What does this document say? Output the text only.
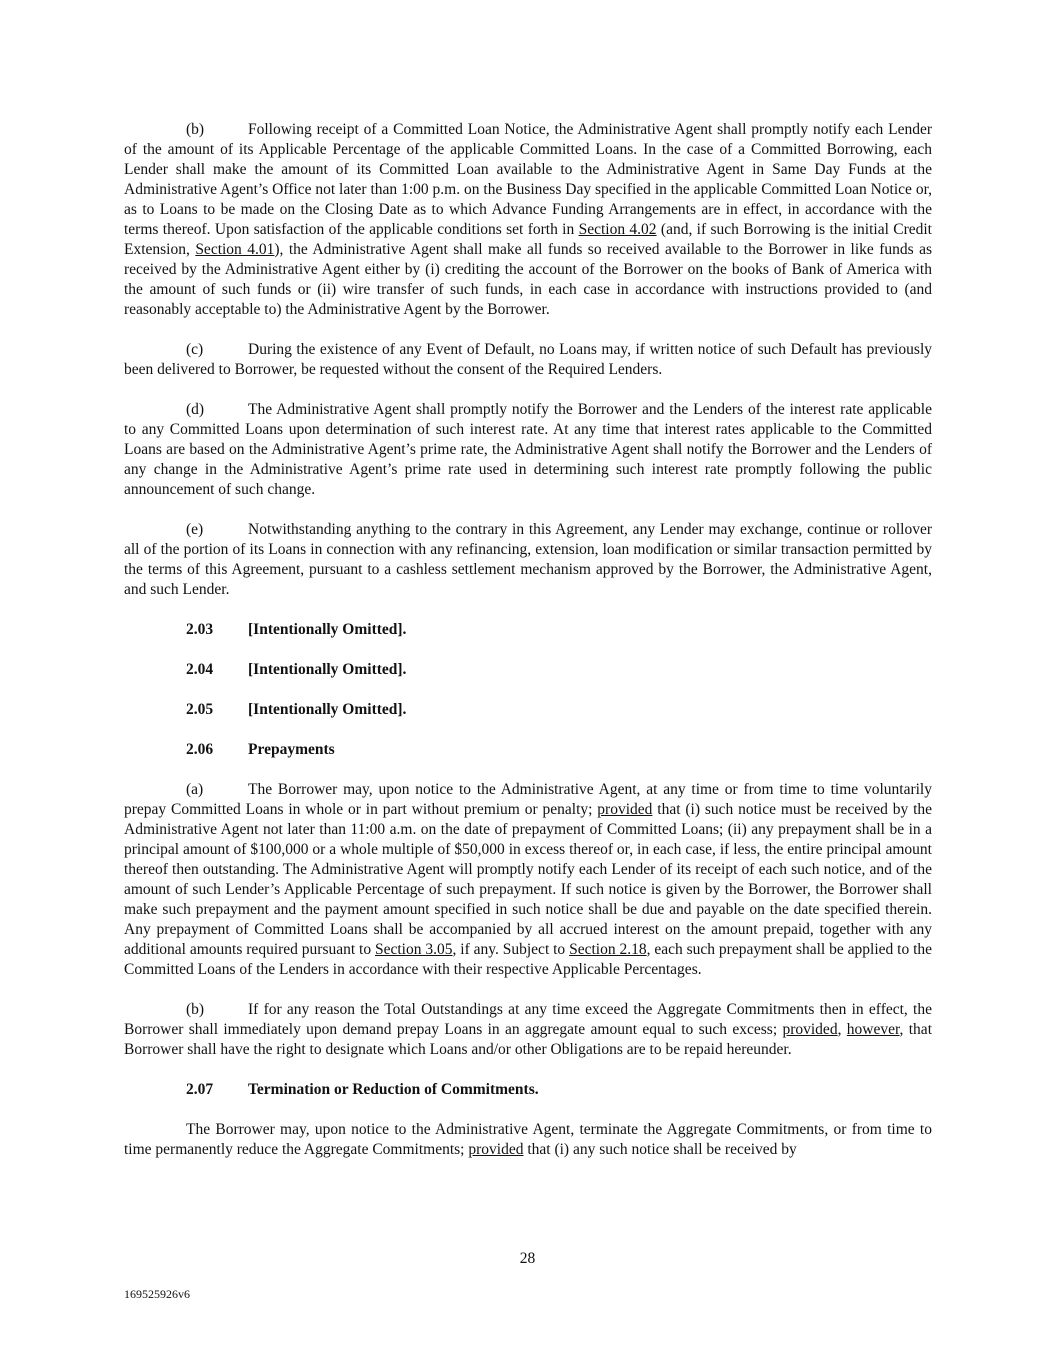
(b)	Following receipt of a Committed Loan Notice, the Administrative Agent shall promptly notify each Lender of the amount of its Applicable Percentage of the applicable Committed Loans. In the case of a Committed Borrowing, each Lender shall make the amount of its Committed Loan available to the Administrative Agent in Same Day Funds at the Administrative Agent’s Office not later than 1:00 p.m. on the Business Day specified in the applicable Committed Loan Notice or, as to Loans to be made on the Closing Date as to which Advance Funding Arrangements are in effect, in accordance with the terms thereof. Upon satisfaction of the applicable conditions set forth in Section 4.02 (and, if such Borrowing is the initial Credit Extension, Section 4.01), the Administrative Agent shall make all funds so received available to the Borrower in like funds as received by the Administrative Agent either by (i) crediting the account of the Borrower on the books of Bank of America with the amount of such funds or (ii) wire transfer of such funds, in each case in accordance with instructions provided to (and reasonably acceptable to) the Administrative Agent by the Borrower.

(c)	During the existence of any Event of Default, no Loans may, if written notice of such Default has previously been delivered to Borrower, be requested without the consent of the Required Lenders.

(d)	The Administrative Agent shall promptly notify the Borrower and the Lenders of the interest rate applicable to any Committed Loans upon determination of such interest rate. At any time that interest rates applicable to the Committed Loans are based on the Administrative Agent’s prime rate, the Administrative Agent shall notify the Borrower and the Lenders of any change in the Administrative Agent’s prime rate used in determining such interest rate promptly following the public announcement of such change.

(e)	Notwithstanding anything to the contrary in this Agreement, any Lender may exchange, continue or rollover all of the portion of its Loans in connection with any refinancing, extension, loan modification or similar transaction permitted by the terms of this Agreement, pursuant to a cashless settlement mechanism approved by the Borrower, the Administrative Agent, and such Lender.

2.03 [Intentionally Omitted].
2.04 [Intentionally Omitted].
2.05 [Intentionally Omitted].
2.06 Prepayments

(a)	The Borrower may, upon notice to the Administrative Agent, at any time or from time to time voluntarily prepay Committed Loans in whole or in part without premium or penalty; provided that (i) such notice must be received by the Administrative Agent not later than 11:00 a.m. on the date of prepayment of Committed Loans; (ii) any prepayment shall be in a principal amount of $100,000 or a whole multiple of $50,000 in excess thereof or, in each case, if less, the entire principal amount thereof then outstanding. The Administrative Agent will promptly notify each Lender of its receipt of each such notice, and of the amount of such Lender’s Applicable Percentage of such prepayment. If such notice is given by the Borrower, the Borrower shall make such prepayment and the payment amount specified in such notice shall be due and payable on the date specified therein. Any prepayment of Committed Loans shall be accompanied by all accrued interest on the amount prepaid, together with any additional amounts required pursuant to Section 3.05, if any. Subject to Section 2.18, each such prepayment shall be applied to the Committed Loans of the Lenders in accordance with their respective Applicable Percentages.

(b)	If for any reason the Total Outstandings at any time exceed the Aggregate Commitments then in effect, the Borrower shall immediately upon demand prepay Loans in an aggregate amount equal to such excess; provided, however, that Borrower shall have the right to designate which Loans and/or other Obligations are to be repaid hereunder.

2.07 Termination or Reduction of Commitments.

The Borrower may, upon notice to the Administrative Agent, terminate the Aggregate Commitments, or from time to time permanently reduce the Aggregate Commitments; provided that (i) any such notice shall be received by

28
169525926v6
